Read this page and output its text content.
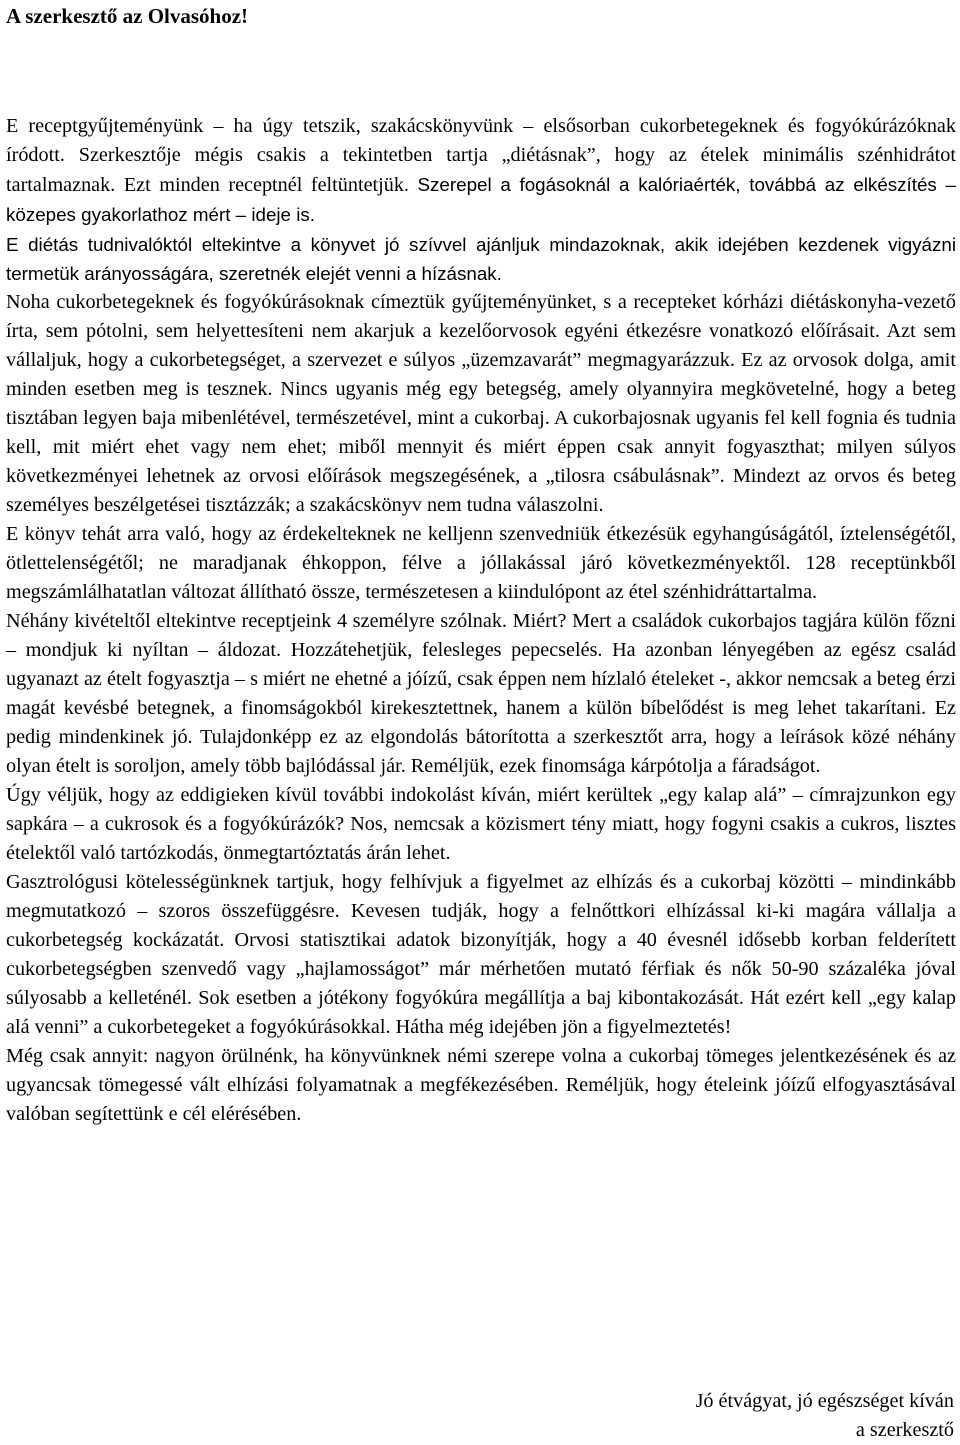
A szerkesztő az Olvasóhoz!

E receptgyűjteményünk – ha úgy tetszik, szakácskönyvünk – elsősorban cukorbetegeknek és fogyókúrázóknak íródott. Szerkesztője mégis csakis a tekintetben tartja „diétásnak”, hogy az ételek minimális szénhidrátot tartalmaznak. Ezt minden receptnél feltüntetjük. Szerepel a fogásoknál a kalóriaérték, továbbá az elkészítés – közepes gyakorlathoz mért – ideje is.

E diétás tudnivalóktól eltekintve a könyvet jó szívvel ajánljuk mindazoknak, akik idejében kezdenek vigyázni termetük arányosságára, szeretnék elejét venni a hízásnak.

Noha cukorbetegeknek és fogyókúrásoknak címeztük gyűjteményünket, s a recepteket kórházi diétáskonyha-vezető írta, sem pótolni, sem helyettesíteni nem akarjuk a kezelőorvosok egyéni étkezésre vonatkozó előírásait. Azt sem vállaljuk, hogy a cukorbetegséget, a szervezet e súlyos „üzemzavarát” megmagyarázzuk. Ez az orvosok dolga, amit minden esetben meg is tesznek. Nincs ugyanis még egy betegség, amely olyannyira megkövetelné, hogy a beteg tisztában legyen baja mibenlétével, természetével, mint a cukorbaj. A cukorbajosnak ugyanis fel kell fognia és tudnia kell, mit miért ehet vagy nem ehet; miből mennyit és miért éppen csak annyit fogyaszthat; milyen súlyos következményei lehetnek az orvosi előírások megszegésének, a „tilosra csábulásnak”. Mindezt az orvos és beteg személyes beszélgetései tisztázzák; a szakácskönyv nem tudna válaszolni.

E könyv tehát arra való, hogy az érdekelteknek ne kelljenn szenvedniük étkezésük egyhangúságától, íztelenségétől, ötlettelenségétől; ne maradjanak éhkoppon, félve a jóllakással járó következményektől. 128 receptünkből megszámlálhatatlan változat állítható össze, természetesen a kiindulópont az étel szénhidráttartalma.

Néhány kivételtől eltekintve receptjeink 4 személyre szólnak. Miért? Mert a családok cukorbajos tagjára külön főzni – mondjuk ki nyíltan – áldozat. Hozzátehetjük, felesleges pepecselés. Ha azonban lényegében az egész család ugyanazt az ételt fogyasztja – s miért ne ehetné a jóízű, csak éppen nem hízlaló ételeket -, akkor nemcsak a beteg érzi magát kevésbé betegnek, a finomságokból kirekesztettnek, hanem a külön bíbelődést is meg lehet takarítani. Ez pedig mindenkinek jó. Tulajdonképp ez az elgondolás bátorította a szerkesztőt arra, hogy a leírások közé néhány olyan ételt is soroljon, amely több bajlódással jár. Reméljük, ezek finomsága kárpótolja a fáradságot.

Úgy véljük, hogy az eddigieken kívül további indokolást kíván, miért kerültek „egy kalap alá” – címrajzunkon egy sapkára – a cukrosok és a fogyókúrázók? Nos, nemcsak a közismert tény miatt, hogy fogyni csakis a cukros, lisztes ételektől való tartózkodás, önmegtartóztatás árán lehet.

Gasztrológusi kötelességünknek tartjuk, hogy felhívjuk a figyelmet az elhízás és a cukorbaj közötti – mindinkább megmutatkozó – szoros összefüggésre. Kevesen tudják, hogy a felnőttkori elhízással ki-ki magára vállalja a cukorbetegség kockázatát. Orvosi statisztikai adatok bizonyítják, hogy a 40 évesnél idősebb korban felderített cukorbetegségben szenvedő vagy „hajlamosságot” már mérhetően mutató férfiak és nők 50-90 százaléka jóval súlyosabb a kelleténél. Sok esetben a jótékony fogyókúra megállítja a baj kibontakozását. Hát ezért kell „egy kalap alá venni” a cukorbetegeket a fogyókúrásokkal. Hátha még idejében jön a figyelmeztetés!

Még csak annyit: nagyon örülnénk, ha könyvünknek némi szerepe volna a cukorbaj tömeges jelentkezésének és az ugyancsak tömegessé vált elhízási folyamatnak a megfékezésében. Reméljük, hogy ételeink jóízű elfogyasztásával valóban segítettünk e cél elérésében.

Jó étvágyat, jó egészséget kíván
a szerkesztő
